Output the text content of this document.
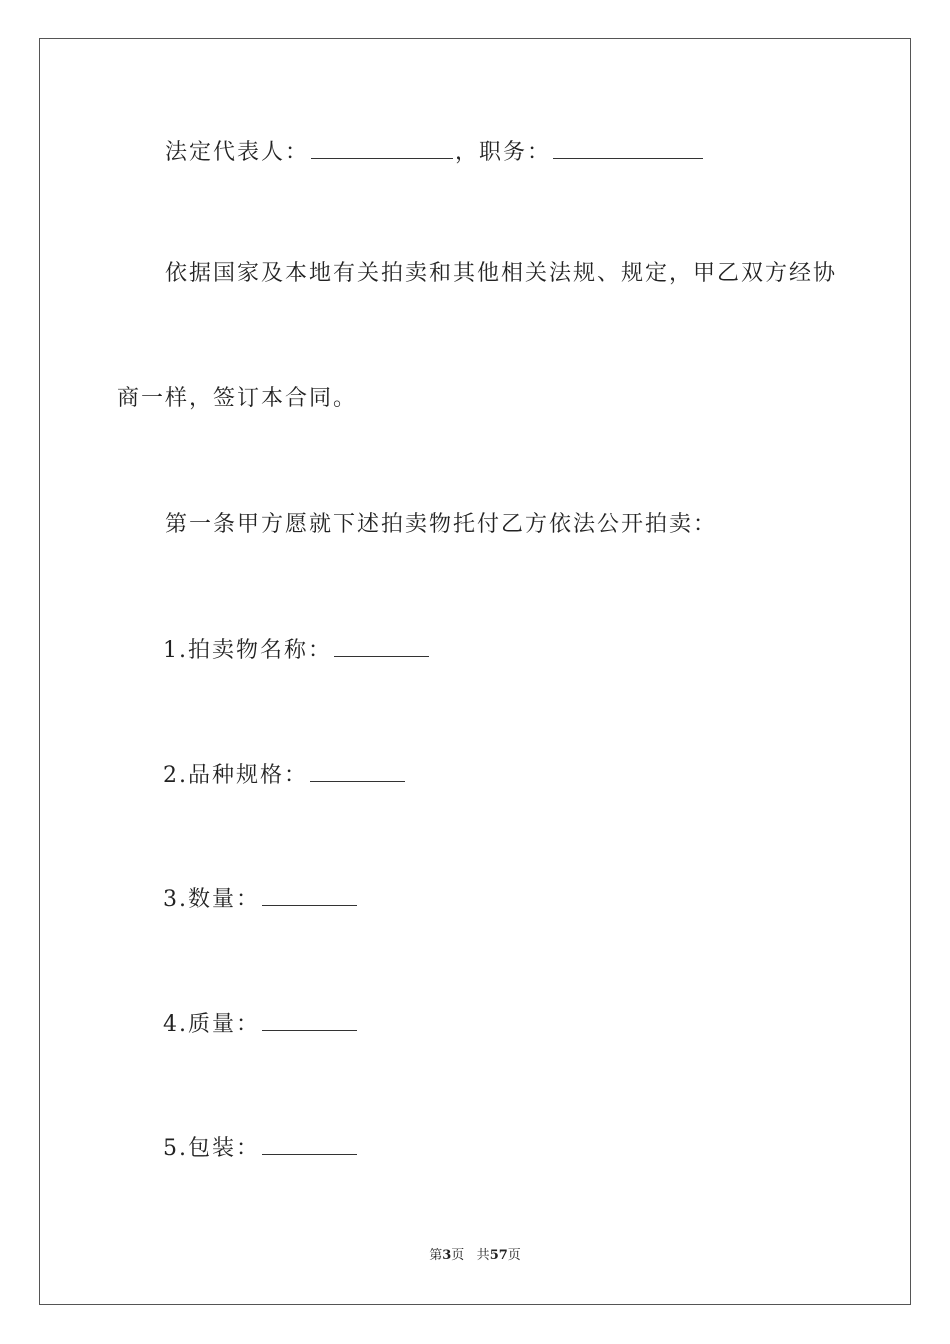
法定代表人：	，职务：
依据国家及本地有关拍卖和其他相关法规、规定，甲乙双方经协
商一样，签订本合同。
第一条甲方愿就下述拍卖物托付乙方依法公开拍卖：
1.拍卖物名称：
2.品种规格：
3.数量：
4.质量：
5.包装：
第3页 共57页
